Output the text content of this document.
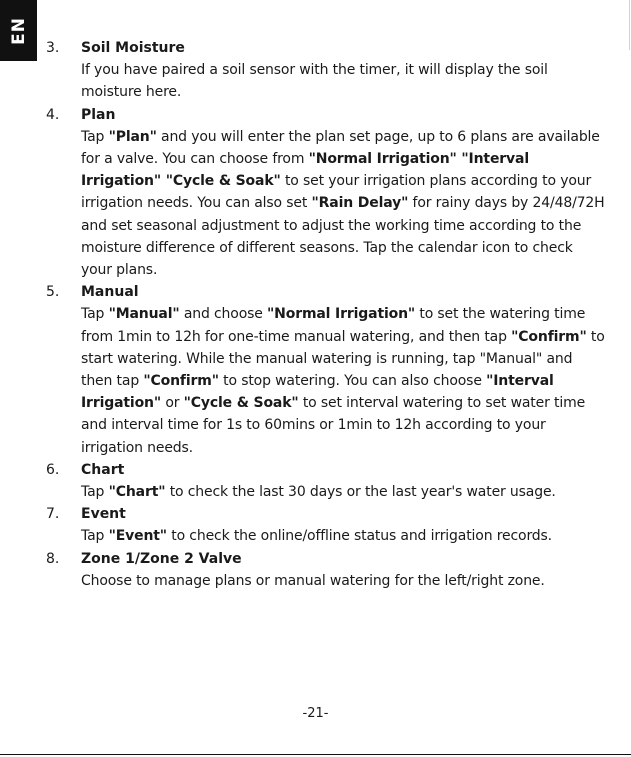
EN
3. Soil Moisture
If you have paired a soil sensor with the timer, it will display the soil moisture here.
4. Plan
Tap "Plan" and you will enter the plan set page, up to 6 plans are available for a valve. You can choose from "Normal Irrigation" "Interval Irrigation" "Cycle & Soak" to set your irrigation plans according to your irrigation needs. You can also set "Rain Delay" for rainy days by 24/48/72H and set seasonal adjustment to adjust the working time according to the moisture difference of different seasons. Tap the calendar icon to check your plans.
5. Manual
Tap "Manual" and choose "Normal Irrigation" to set the watering time from 1min to 12h for one-time manual watering, and then tap "Confirm" to start watering. While the manual watering is running, tap "Manual" and then tap "Confirm" to stop watering. You can also choose "Interval Irrigation" or "Cycle & Soak" to set interval watering to set water time and interval time for 1s to 60mins or 1min to 12h according to your irrigation needs.
6. Chart
Tap "Chart" to check the last 30 days or the last year's water usage.
7. Event
Tap "Event" to check the online/offline status and irrigation records.
8. Zone 1/Zone 2 Valve
Choose to manage plans or manual watering for the left/right zone.
-21-
